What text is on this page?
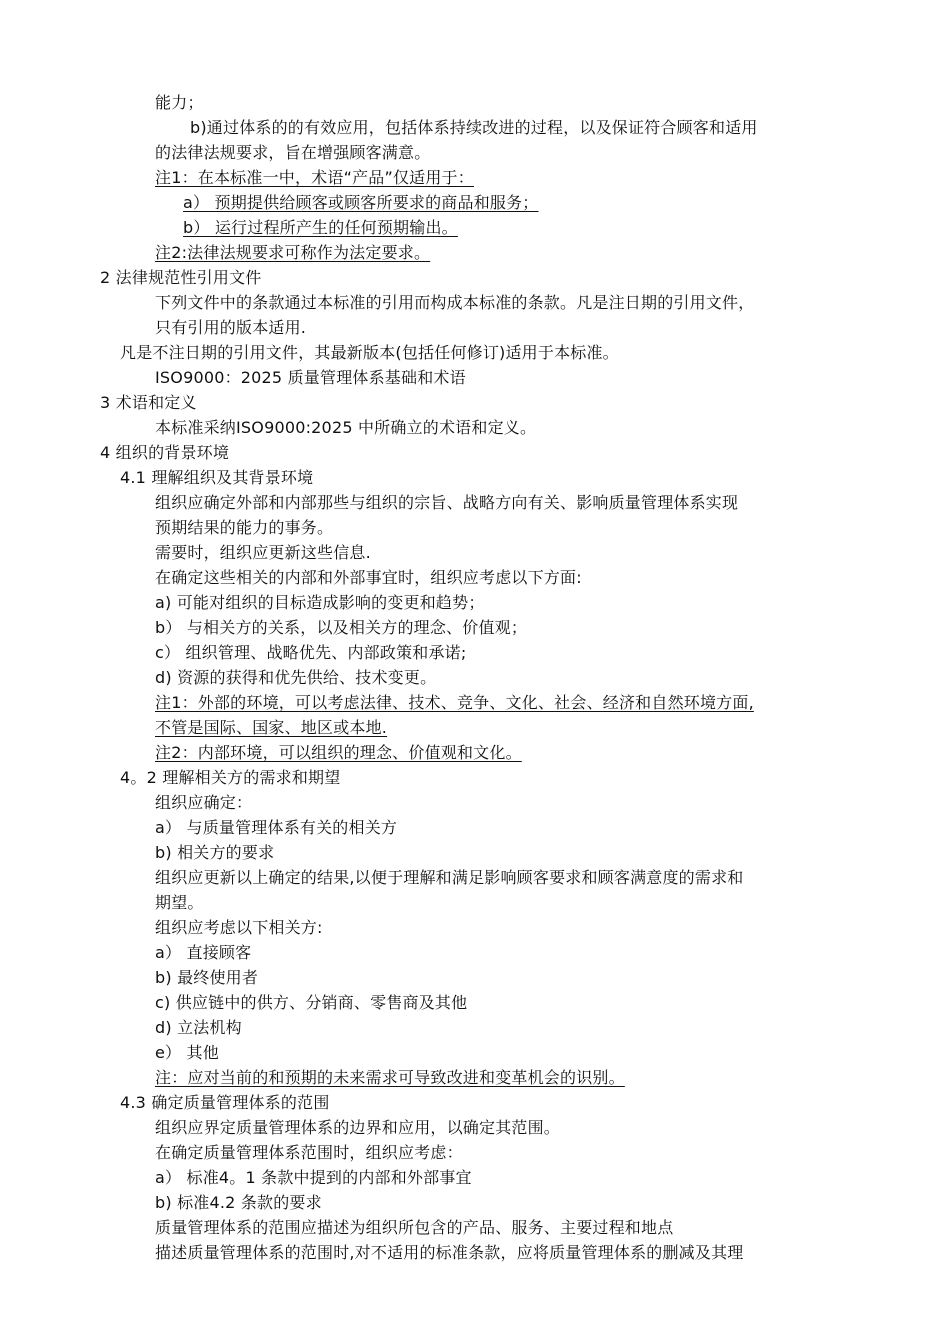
能力；
b)通过体系的的有效应用，包括体系持续改进的过程，以及保证符合顾客和适用
的法律法规要求，旨在增强顾客满意。
注1：在本标准一中，术语“产品”仅适用于：
a） 预期提供给顾客或顾客所要求的商品和服务；
b） 运行过程所产生的任何预期输出。
注2:法律法规要求可称作为法定要求。
2 法律规范性引用文件
下列文件中的条款通过本标准的引用而构成本标准的条款。凡是注日期的引用文件，
只有引用的版本适用.
凡是不注日期的引用文件，其最新版本(包括任何修订)适用于本标准。
ISO9000：2025 质量管理体系基础和术语
3 术语和定义
本标准采纳ISO9000:2025 中所确立的术语和定义。
4 组织的背景环境
4.1 理解组织及其背景环境
组织应确定外部和内部那些与组织的宗旨、战略方向有关、影响质量管理体系实现
预期结果的能力的事务。
需要时，组织应更新这些信息.
在确定这些相关的内部和外部事宜时，组织应考虑以下方面:
a) 可能对组织的目标造成影响的变更和趋势；
b） 与相关方的关系，以及相关方的理念、价值观；
c） 组织管理、战略优先、内部政策和承诺;
d) 资源的获得和优先供给、技术变更。
注1：外部的环境，可以考虑法律、技术、竞争、文化、社会、经济和自然环境方面,
不管是国际、国家、地区或本地.
注2：内部环境，可以组织的理念、价值观和文化。
4。2 理解相关方的需求和期望
组织应确定：
a） 与质量管理体系有关的相关方
b) 相关方的要求
组织应更新以上确定的结果,以便于理解和满足影响顾客要求和顾客满意度的需求和
期望。
组织应考虑以下相关方:
a） 直接顾客
b) 最终使用者
c) 供应链中的供方、分销商、零售商及其他
d) 立法机构
e） 其他
注：应对当前的和预期的未来需求可导致改进和变革机会的识别。
4.3 确定质量管理体系的范围
组织应界定质量管理体系的边界和应用，以确定其范围。
在确定质量管理体系范围时，组织应考虑：
a） 标准4。1 条款中提到的内部和外部事宜
b) 标准4.2 条款的要求
质量管理体系的范围应描述为组织所包含的产品、服务、主要过程和地点
描述质量管理体系的范围时,对不适用的标准条款，应将质量管理体系的删减及其理
